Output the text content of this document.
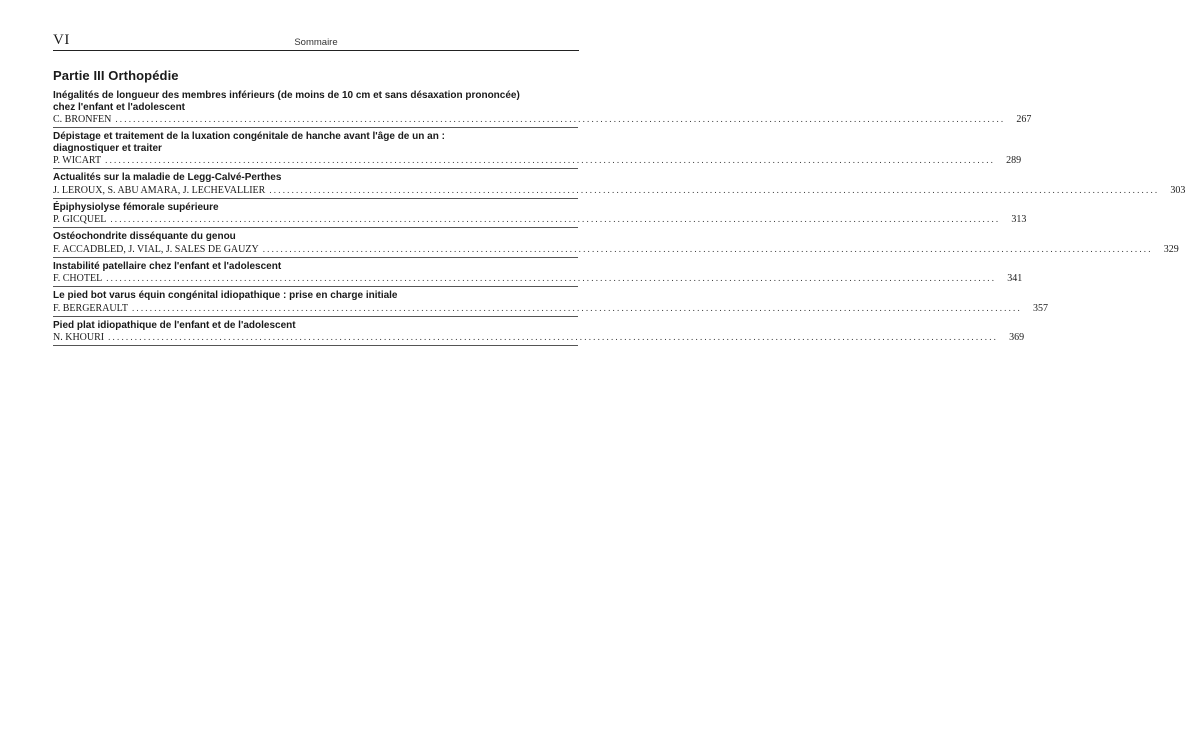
VI	Sommaire
Partie III Orthopédie
Inégalités de longueur des membres inférieurs (de moins de 10 cm et sans désaxation prononcée)
chez l'enfant et l'adolescent
C. BRONFEN ........................................................................................................................................................................................................	267
Dépistage et traitement de la luxation congénitale de hanche avant l'âge de un an :
diagnostiquer et traiter
P. WICART ........................................................................................................................................................................................................	289
Actualités sur la maladie de Legg-Calvé-Perthes
J. LEROUX, S. ABU AMARA, J. LECHEVALLIER ........................................................................................................................................................................................................	303
Épiphysiolyse fémorale supérieure
P. GICQUEL ........................................................................................................................................................................................................	313
Ostéochondrite disséquante du genou
F. ACCADBLED, J. VIAL, J. SALES DE GAUZY ........................................................................................................................................................................................................	329
Instabilité patellaire chez l'enfant et l'adolescent
F. CHOTEL ........................................................................................................................................................................................................	341
Le pied bot varus équin congénital idiopathique : prise en charge initiale
F. BERGERAULT ........................................................................................................................................................................................................	357
Pied plat idiopathique de l'enfant et de l'adolescent
N. KHOURI ........................................................................................................................................................................................................	369
